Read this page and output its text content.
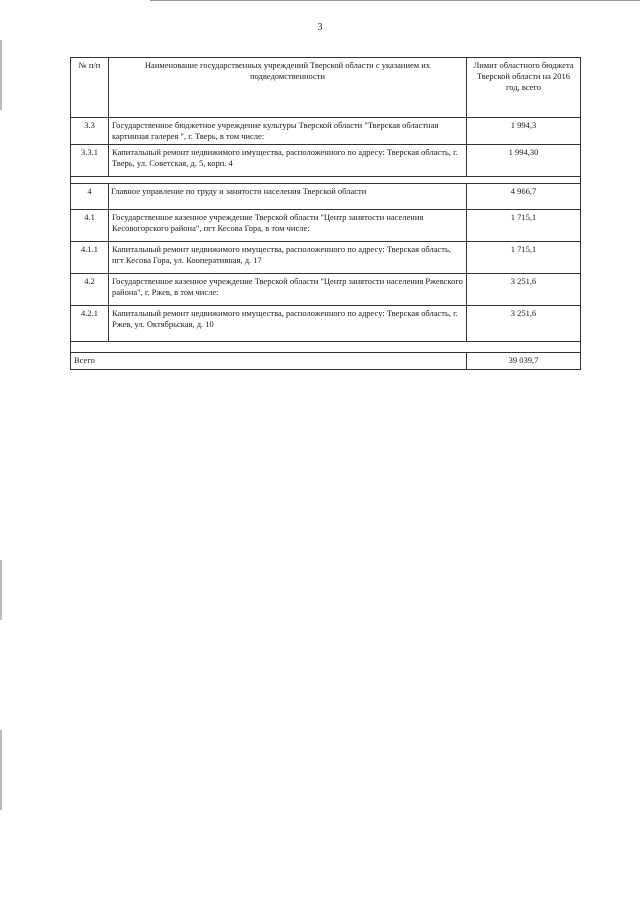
3
№ п/п	Наименование государственных учреждений Тверской области с указанием их подведомственности	Лимит областного бюджета Тверской области на 2016 год, всего
3.3	Государственное бюджетное учреждение культуры Тверской области "Тверская областная картинная галерея ", г. Тверь, в том числе:	1 994,3
3.3.1	Капитальный ремонт недвижимого имущества, расположенного по адресу: Тверская область, г. Тверь, ул. Советская, д. 5, корп. 4	1 994,30

4	Главное управление по труду и занятости населения Тверской области	4 966,7
4.1	Государственное казенное учреждение Тверской области "Центр занятости населения Кесовогорского района", пгт Кесова Гора, в том числе:	1 715,1
4.1.1	Капитальный ремонт недвижимого имущества, расположенного по адресу: Тверская область, пгт Кесова Гора, ул. Кооперативная, д. 17	1 715,1
4.2	Государственное казенное учреждение Тверской области "Центр занятости населения Ржевского района", г. Ржев, в том числе:	3 251,6
4.2.1	Капитальный ремонт недвижимого имущества, расположенного по адресу: Тверская область, г. Ржев, ул. Октябрьская, д. 10	3 251,6

Всего		39 039,7
